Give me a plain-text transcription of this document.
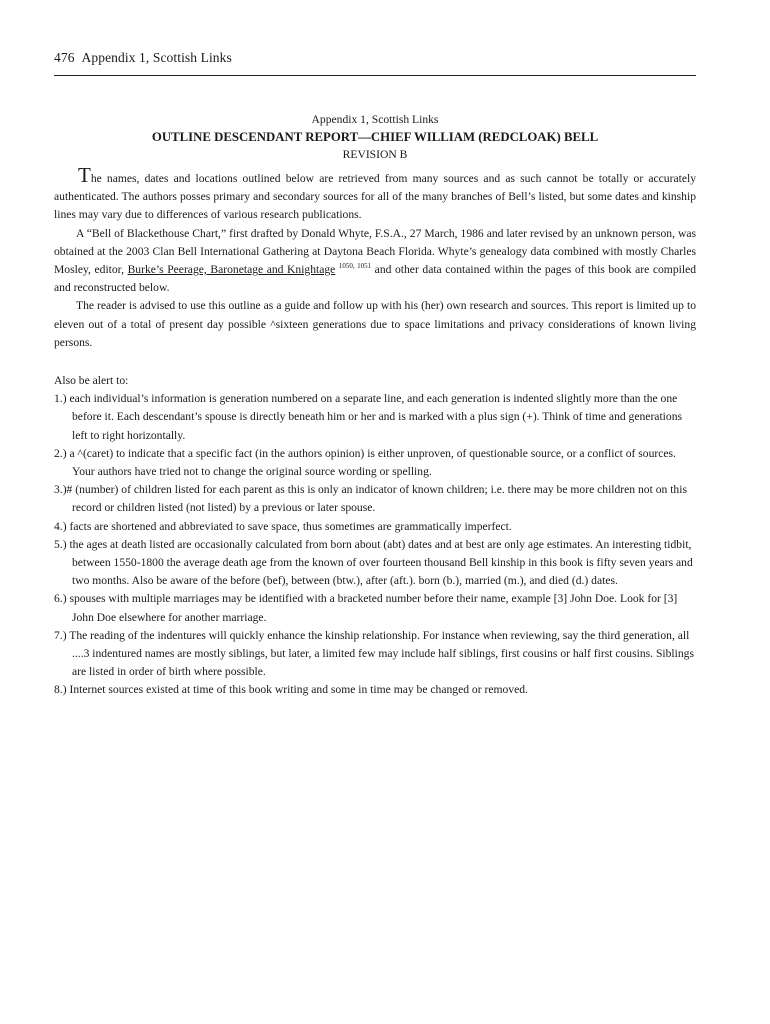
476 Appendix 1, Scottish Links
Appendix 1, Scottish Links
OUTLINE DESCENDANT REPORT—CHIEF WILLIAM (REDCLOAK) BELL
REVISION B

The names, dates and locations outlined below are retrieved from many sources and as such cannot be totally or accurately authenticated. The authors posses primary and secondary sources for all of the many branches of Bell’s listed, but some dates and kinship lines may vary due to differences of various research publications.

A “Bell of Blackethouse Chart,” first drafted by Donald Whyte, F.S.A., 27 March, 1986 and later revised by an unknown person, was obtained at the 2003 Clan Bell International Gathering at Daytona Beach Florida. Whyte’s genealogy data combined with mostly Charles Mosley, editor, Burke’s Peerage, Baronetage and Knightage $^{1050, 1051}$ and other data contained within the pages of this book are compiled and reconstructed below.

The reader is advised to use this outline as a guide and follow up with his (her) own research and sources. This report is limited up to eleven out of a total of present day possible ^sixteen generations due to space limitations and privacy considerations of known living persons.

Also be alert to:
1.) each individual’s information is generation numbered on a separate line, and each generation is indented slightly more than the one before it. Each descendant’s spouse is directly beneath him or her and is marked with a plus sign (+). Think of time and generations left to right horizontally.
2.) a ^(caret) to indicate that a specific fact (in the authors opinion) is either unproven, of questionable source, or a conflict of sources. Your authors have tried not to change the original source wording or spelling.
3.)# (number) of children listed for each parent as this is only an indicator of known children; i.e. there may be more children not on this record or children listed (not listed) by a previous or later spouse.
4.) facts are shortened and abbreviated to save space, thus sometimes are grammatically imperfect.
5.) the ages at death listed are occasionally calculated from born about (abt) dates and at best are only age estimates. An interesting tidbit, between 1550-1800 the average death age from the known of over fourteen thousand Bell kinship in this book is fifty seven years and two months. Also be aware of the before (bef), between (btw.), after (aft.). born (b.), married (m.), and died (d.) dates.
6.) spouses with multiple marriages may be identified with a bracketed number before their name, example [3] John Doe. Look for [3] John Doe elsewhere for another marriage.
7.) The reading of the indentures will quickly enhance the kinship relationship. For instance when reviewing, say the third generation, all ....3 indentured names are mostly siblings, but later, a limited few may include half siblings, first cousins or half first cousins. Siblings are listed in order of birth where possible.
8.) Internet sources existed at time of this book writing and some in time may be changed or removed.
